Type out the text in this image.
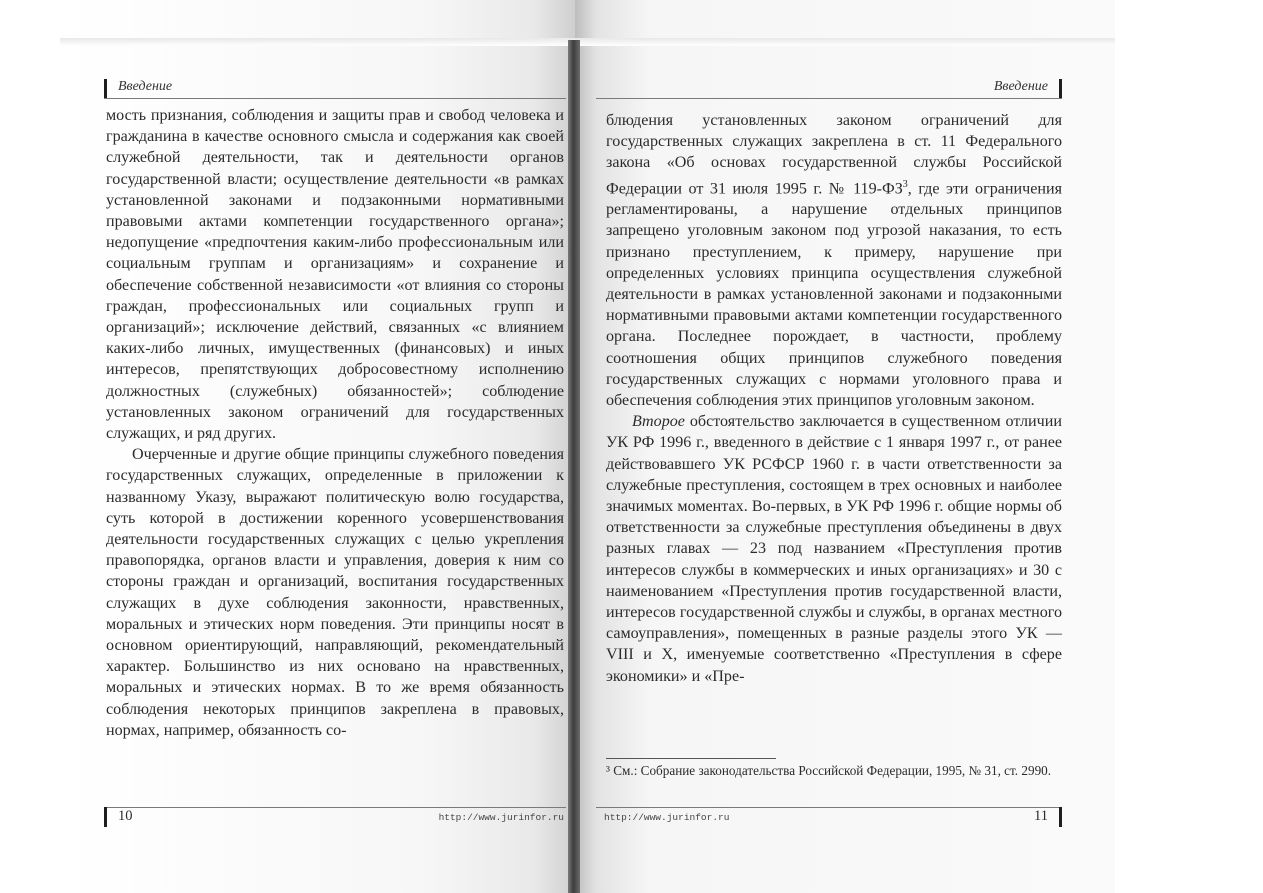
Введение	Введение

мость признания, соблюдения и защиты прав и свобод человека и гражданина в качестве основного смысла и содержания как своей служебной деятельности, так и деятельности органов государственной власти; осуществление деятельности «в рамках установленной законами и подзаконными нормативными правовыми актами компетенции государственного органа»; недопущение «предпочтения каким-либо профессиональным или социальным группам и организациям» и сохранение и обеспечение собственной независимости «от влияния со стороны граждан, профессиональных или социальных групп и организаций»; исключение действий, связанных «с влиянием каких-либо личных, имущественных (финансовых) и иных интересов, препятствующих добросовестному исполнению должностных (служебных) обязанностей»; соблюдение установленных законом ограничений для государственных служащих, и ряд других.

Очерченные и другие общие принципы служебного поведения государственных служащих, определенные в приложении к названному Указу, выражают политическую волю государства, суть которой в достижении коренного усовершенствования деятельности государственных служащих с целью укрепления правопорядка, органов власти и управления, доверия к ним со стороны граждан и организаций, воспитания государственных служащих в духе соблюдения законности, нравственных, моральных и этических норм поведения. Эти принципы носят в основном ориентирующий, направляющий, рекомендательный характер. Большинство из них основано на нравственных, моральных и этических нормах. В то же время обязанность соблюдения некоторых принципов закреплена в правовых, нормах, например, обязанность со-

блюдения установленных законом ограничений для государственных служащих закреплена в ст. 11 Федерального закона «Об основах государственной службы Российской Федерации от 31 июля 1995 г. № $119-ФЗ^3$, где эти ограничения регламентированы, а нарушение отдельных принципов запрещено уголовным законом под угрозой наказания, то есть признано преступлением, к примеру, нарушение при определенных условиях принципа осуществления служебной деятельности в рамках установленной законами и подзаконными нормативными правовыми актами компетенции государственного органа. Последнее порождает, в частности, проблему соотношения общих принципов служебного поведения государственных служащих с нормами уголовного права и обеспечения соблюдения этих принципов уголовным законом.

Второе обстоятельство заключается в существенном отличии УК РФ 1996 г., введенного в действие с 1 января 1997 г., от ранее действовавшего УК РСФСР 1960 г. в части ответственности за служебные преступления, состоящем в трех основных и наиболее значимых моментах. Во-первых, в УК РФ 1996 г. общие нормы об ответственности за служебные преступления объединены в двух разных главах — 23 под названием «Преступления против интересов службы в коммерческих и иных организациях» и 30 с наименованием «Преступления против государственной власти, интересов государственной службы и службы, в органах местного самоуправления», помещенных в разные разделы этого УК — VIII и X, именуемые соответственно «Преступления в сфере экономики» и «Пре-

³ См.: Собрание законодательства Российской Федерации, 1995, № 31, ст. 2990.
10	http://www.jurinfor.ru	http://www.jurinfor.ru	11
